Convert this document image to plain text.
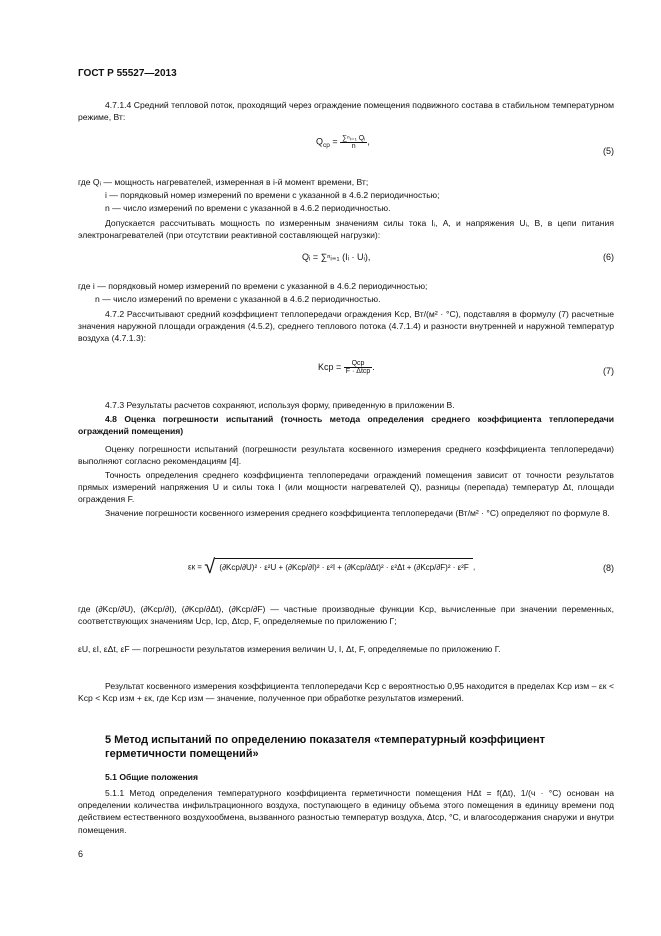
ГОСТ Р 55527—2013
4.7.1.4 Средний тепловой поток, проходящий через ограждение помещения подвижного состава в стабильном температурном режиме, Вт:
$Q_{ср} = \frac{\text{∑ⁿᵢ₌₁ Qᵢ}}{n}$ ,
(5)
где Qᵢ — мощность нагревателей, измеренная в i-й момент времени, Вт;
i — порядковый номер измерений по времени с указанной в 4.6.2 периодичностью;
n — число измерений по времени с указанной в 4.6.2 периодичностью.
Допускается рассчитывать мощность по измеренным значениям силы тока Iᵢ, А, и напряжения Uᵢ, В, в цепи питания электронагревателей (при отсутствии реактивной составляющей нагрузки):
Qᵢ = ∑ⁿᵢ₌₁ (Iᵢ · Uᵢ),	(6)
где i — порядковый номер измерений по времени с указанной в 4.6.2 периодичностью;
n — число измерений по времени с указанной в 4.6.2 периодичностью.
4.7.2 Рассчитывают средний коэффициент теплопередачи ограждения Kср, Вт/(м² · °С), подставляя в формулу (7) расчетные значения наружной площади ограждения (4.5.2), среднего теплового потока (4.7.1.4) и разности внутренней и наружной температур воздуха (4.7.1.3):
Kср = $\frac{\text{Qср}}{\text{F · Δtср}}$ .	(7)
4.7.3 Результаты расчетов сохраняют, используя форму, приведенную в приложении В.
4.8 Оценка погрешности испытаний (точность метода определения среднего коэффициента теплопередачи ограждений помещения)
Оценку погрешности испытаний (погрешности результата косвенного измерения среднего коэффициента теплопередачи) выполняют согласно рекомендациям [4].
Точность определения среднего коэффициента теплопередачи ограждений помещения зависит от точности результатов прямых измерений напряжения U и силы тока I (или мощности нагревателей Q), разницы (перепада) температур Δt, площади ограждения F.
Значение погрешности косвенного измерения среднего коэффициента теплопередачи (Вт/м² · °С) определяют по формуле 8.
εк = √ (∂Kср/∂U)² · ε²U + (∂Kср/∂I)² · ε²I + (∂Kср/∂Δt)² · ε²Δt + (∂Kср/∂F)² · ε²F ,	(8)
где (∂Kср/∂U), (∂Kср/∂I), (∂Kср/∂Δt), (∂Kср/∂F) — частные производные функции Kср, вычисленные при значении переменных, соответствующих значениям Uср, Iср, Δtср, F, определяемые по приложению Г;
εU, εI, εΔt, εF — погрешности результатов измерения величин U, I, Δt, F, определяемые по приложению Г.
Результат косвенного измерения коэффициента теплопередачи Kср с вероятностью 0,95 находится в пределах Kср изм – εк < Kср < Kср изм + εк, где Kср изм — значение, полученное при обработке результатов измерений.
5 Метод испытаний по определению показателя «температурный коэффициент герметичности помещений»
5.1 Общие положения
5.1.1 Метод определения температурного коэффициента герметичности помещения HΔt = f(Δt), 1/(ч · °С) основан на определении количества инфильтрационного воздуха, поступающего в единицу объема этого помещения в единицу времени под действием естественного воздухообмена, вызванного разностью температур воздуха, Δtср, °С, и влагосодержания снаружи и внутри помещения.
6
